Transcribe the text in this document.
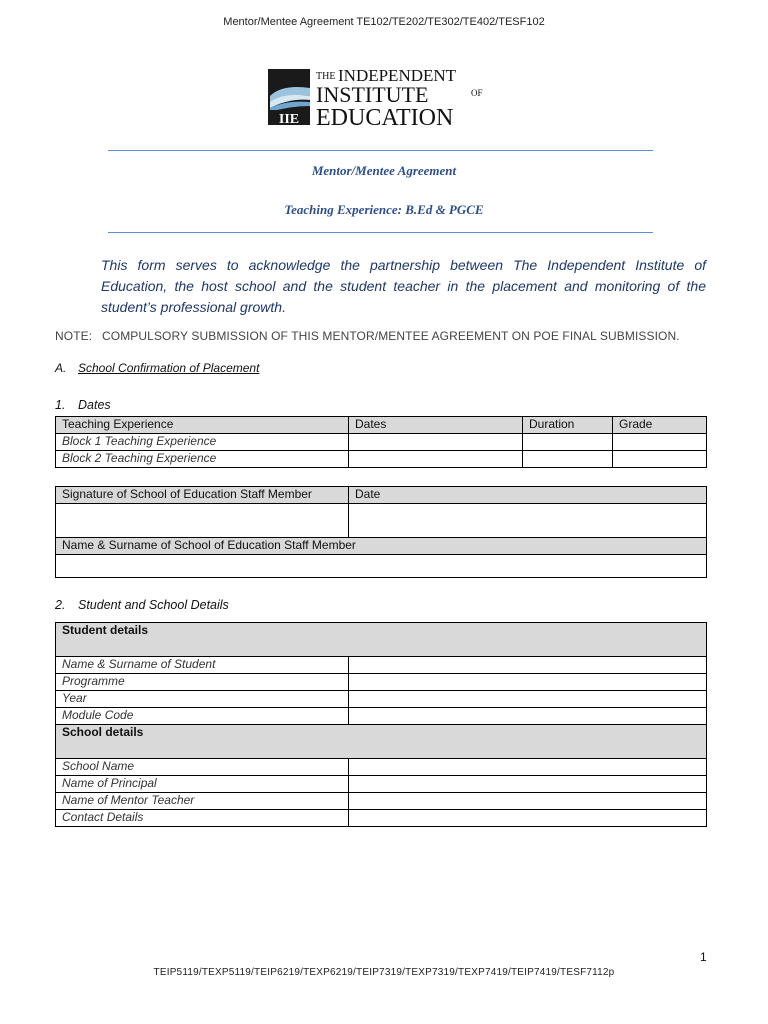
Mentor/Mentee Agreement TE102/TE202/TE302/TE402/TESF102
IIE
THE INDEPENDENT
INSTITUTE	OF
EDUCATION
Mentor/Mentee Agreement
Teaching Experience: B.Ed & PGCE
This form serves to acknowledge the partnership between The Independent Institute of Education, the host school and the student teacher in the placement and monitoring of the student’s professional growth.
NOTE: COMPULSORY SUBMISSION OF THIS MENTOR/MENTEE AGREEMENT ON POE FINAL SUBMISSION.
A. School Confirmation of Placement
1. Dates
Teaching Experience	Dates	Duration	Grade
Block 1 Teaching Experience			
Block 2 Teaching Experience			
Signature of School of Education Staff Member	Date

Name & Surname of School of Education Staff Member	

2. Student and School Details
Student details	
Name & Surname of Student	
Programme	
Year	
Module Code	
School details	
School Name	
Name of Principal	
Name of Mentor Teacher	
Contact Details	
1
TEIP5119/TEXP5119/TEIP6219/TEXP6219/TEIP7319/TEXP7319/TEXP7419/TEIP7419/TESF7112p
